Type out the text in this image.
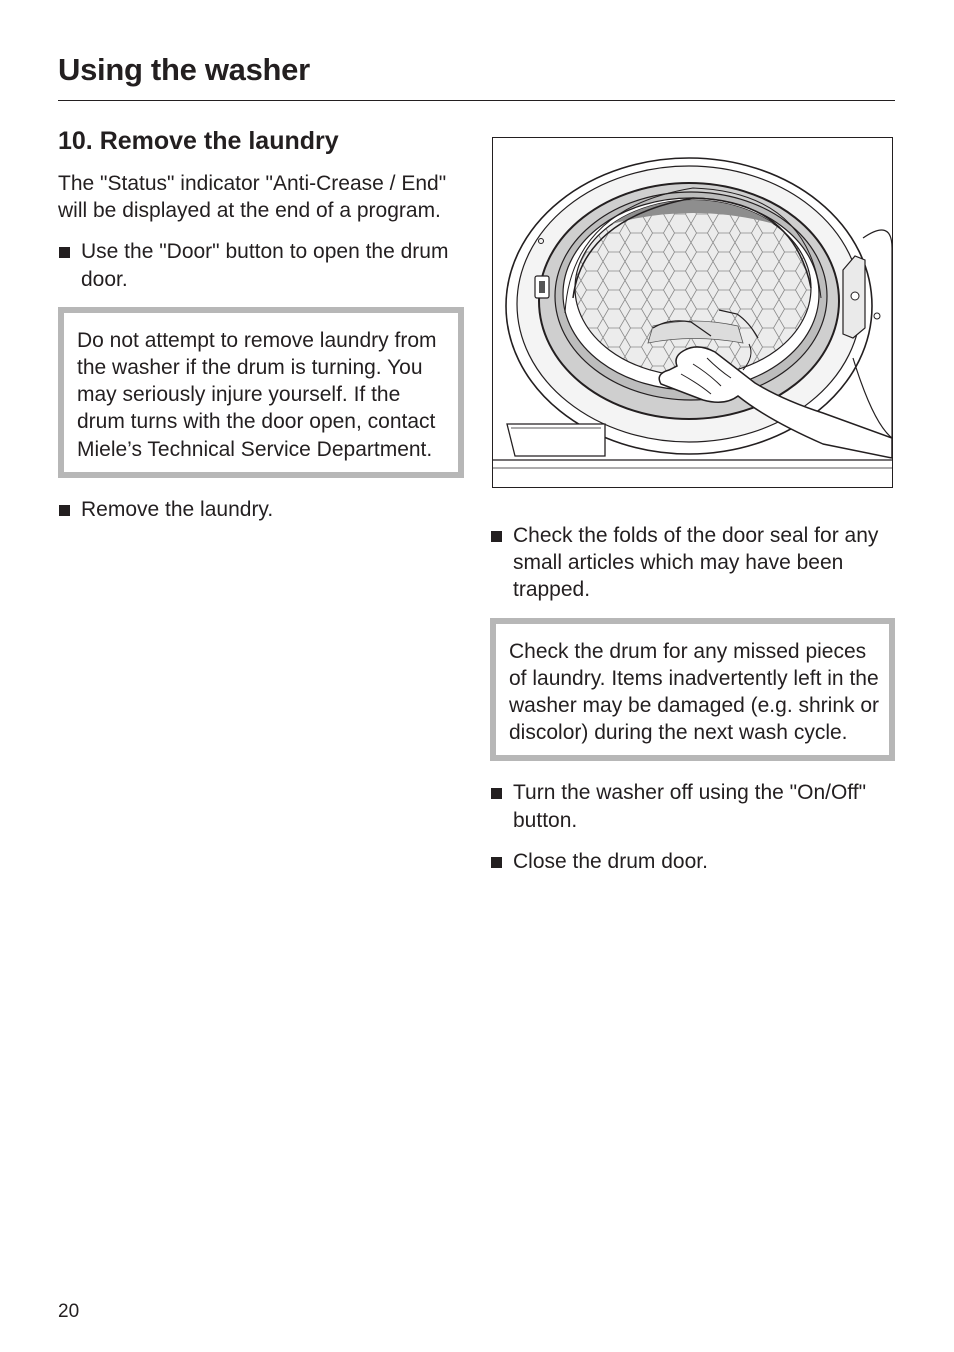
Using the washer
10. Remove the laundry

The "Status" indicator "Anti-Crease / End" will be displayed at the end of a program.

Use the "Door" button to open the drum door.
Do not attempt to remove laundry from the washer if the drum is turning. You may seriously injure yourself. If the drum turns with the door open, contact Miele’s Technical Service Department.
Remove the laundry.
Check the folds of the door seal for any small articles which may have been trapped.
Check the drum for any missed pieces of laundry. Items inadvertently left in the washer may be damaged (e.g. shrink or discolor) during the next wash cycle.
Turn the washer off using the "On/Off" button.
Close the drum door.
20
